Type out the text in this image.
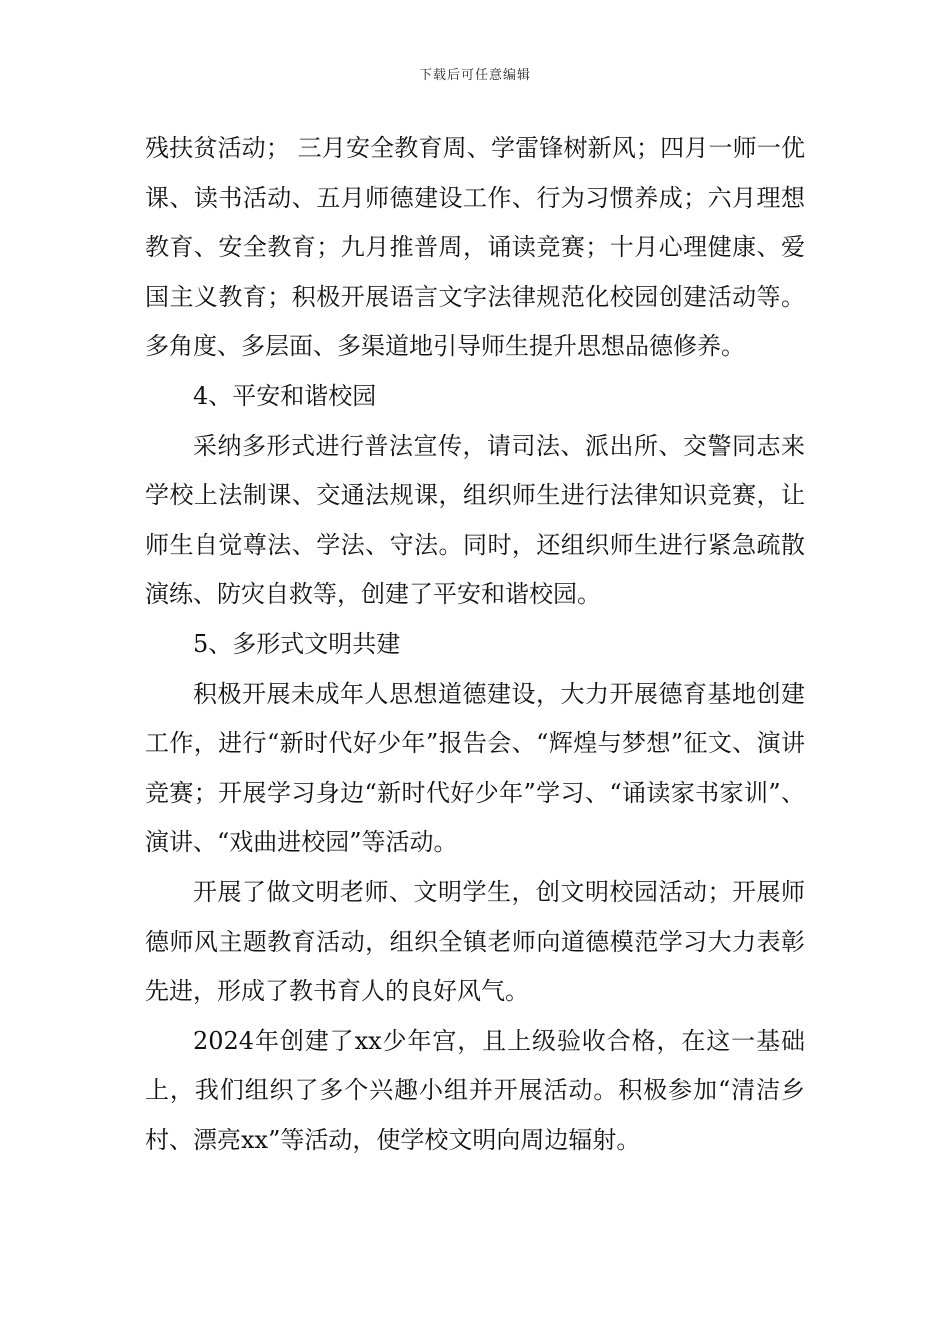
下载后可任意编辑

残扶贫活动； 三月安全教育周、学雷锋树新风；四月一师一优课、读书活动、五月师德建设工作、行为习惯养成；六月理想教育、安全教育；九月推普周，诵读竞赛；十月心理健康、爱国主义教育；积极开展语言文字法律规范化校园创建活动等。多角度、多层面、多渠道地引导师生提升思想品德修养。

4、平安和谐校园

采纳多形式进行普法宣传，请司法、派出所、交警同志来学校上法制课、交通法规课，组织师生进行法律知识竞赛，让师生自觉尊法、学法、守法。同时，还组织师生进行紧急疏散演练、防灾自救等，创建了平安和谐校园。

5、多形式文明共建

积极开展未成年人思想道德建设，大力开展德育基地创建工作，进行“新时代好少年”报告会、“辉煌与梦想”征文、演讲竞赛；开展学习身边“新时代好少年”学习、“诵读家书家训”、演讲、“戏曲进校园”等活动。

开展了做文明老师、文明学生，创文明校园活动；开展师德师风主题教育活动，组织全镇老师向道德模范学习大力表彰先进，形成了教书育人的良好风气。

2024年创建了xx少年宫，且上级验收合格，在这一基础上，我们组织了多个兴趣小组并开展活动。积极参加“清洁乡村、漂亮xx”等活动，使学校文明向周边辐射。
